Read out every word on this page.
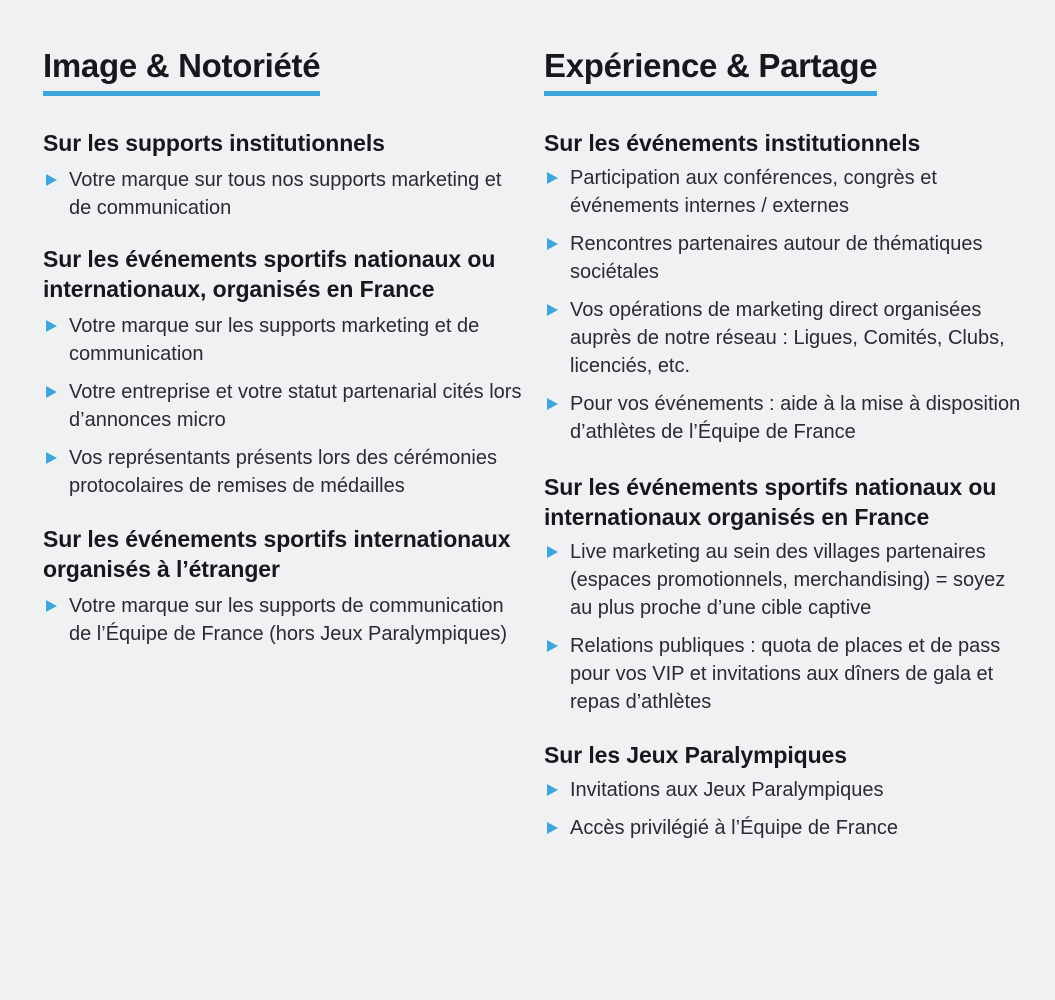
Image & Notoriété
Sur les supports institutionnels
Votre marque sur tous nos supports marketing et de communication
Sur les événements sportifs nationaux ou internationaux, organisés en France
Votre marque sur les supports marketing et de communication
Votre entreprise et votre statut partenarial cités lors d’annonces micro
Vos représentants présents lors des cérémonies protocolaires de remises de médailles
Sur les événements sportifs internationaux organisés à l’étranger
Votre marque sur les supports de communication de l’Équipe de France (hors Jeux Paralympiques)
Expérience & Partage
Sur les événements institutionnels
Participation aux conférences, congrès et événements internes / externes
Rencontres partenaires autour de thématiques sociétales
Vos opérations de marketing direct organisées auprès de notre réseau : Ligues, Comités, Clubs, licenciés, etc.
Pour vos événements : aide à la mise à disposition d’athlètes de l’Équipe de France
Sur les événements sportifs nationaux ou internationaux organisés en France
Live marketing au sein des villages partenaires (espaces promotionnels, merchandising) = soyez au plus proche d’une cible captive
Relations publiques : quota de places et de pass pour vos VIP et invitations aux dîners de gala et repas d’athlètes
Sur les Jeux Paralympiques
Invitations aux Jeux Paralympiques
Accès privilégié à l’Équipe de France
